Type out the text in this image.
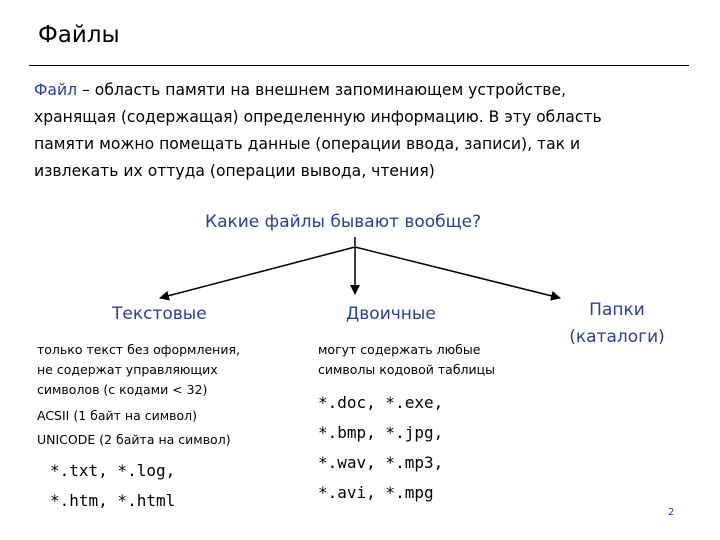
Файлы
Файл – область памяти на внешнем запоминающем устройстве,
хранящая (содержащая) определенную информацию. В эту область
памяти можно помещать данные (операции ввода, записи), так и
извлекать их оттуда (операции вывода, чтения)
Какие файлы бывают вообще?
Текстовые	Двоичные	Папки
(каталоги)
только текст без оформления,
не содержат управляющих
символов (с кодами < 32)
ACSII (1 байт на символ)
UNICODE (2 байта на символ)
могут содержать любые
символы кодовой таблицы
*.txt, *.log,
*.htm, *.html
*.doc, *.exe,
*.bmp, *.jpg,
*.wav, *.mp3,
*.avi, *.mpg
2
